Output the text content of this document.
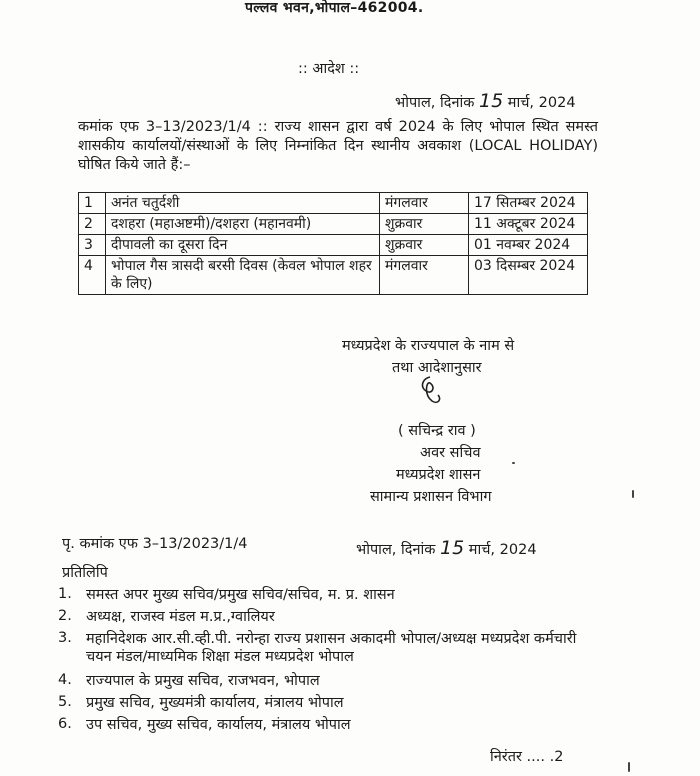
पल्लव भवन,भोपाल–462004.
:: आदेश ::
भोपाल, दिनांक 15 मार्च, 2024
कमांक एफ 3–13/2023/1/4 :: राज्य शासन द्वारा वर्ष 2024 के लिए भोपाल स्थित समस्त शासकीय कार्यालयों/संस्थाओं के लिए निम्नांकित दिन स्थानीय अवकाश (LOCAL HOLIDAY) घोषित किये जाते हैं:–
1	अनंत चतुर्दशी	मंगलवार	17 सितम्बर 2024
2	दशहरा (महाअष्टमी)/दशहरा (महानवमी)	शुक्रवार	11 अक्टूबर 2024
3	दीपावली का दूसरा दिन	शुक्रवार	01 नवम्बर 2024
4	भोपाल गैस त्रासदी बरसी दिवस (केवल भोपाल शहर के लिए)	मंगलवार	03 दिसम्बर 2024
मध्यप्रदेश के राज्यपाल के नाम से
तथा आदेशानुसार
( सचिन्द्र राव )
अवर सचिव
मध्यप्रदेश शासन
सामान्य प्रशासन विभाग
पृ. कमांक एफ 3–13/2023/1/4	भोपाल, दिनांक 15 मार्च, 2024
प्रतिलिपि
1. समस्त अपर मुख्य सचिव/प्रमुख सचिव/सचिव, म. प्र. शासन
2. अध्यक्ष, राजस्व मंडल म.प्र.,ग्वालियर
3. महानिदेशक आर.सी.व्ही.पी. नरोन्हा राज्य प्रशासन अकादमी भोपाल/अध्यक्ष मध्यप्रदेश कर्मचारी चयन मंडल/माध्यमिक शिक्षा मंडल मध्यप्रदेश भोपाल
4. राज्यपाल के प्रमुख सचिव, राजभवन, भोपाल
5. प्रमुख सचिव, मुख्यमंत्री कार्यालय, मंत्रालय भोपाल
6. उप सचिव, मुख्य सचिव, कार्यालय, मंत्रालय भोपाल
निरंतर .... .2
